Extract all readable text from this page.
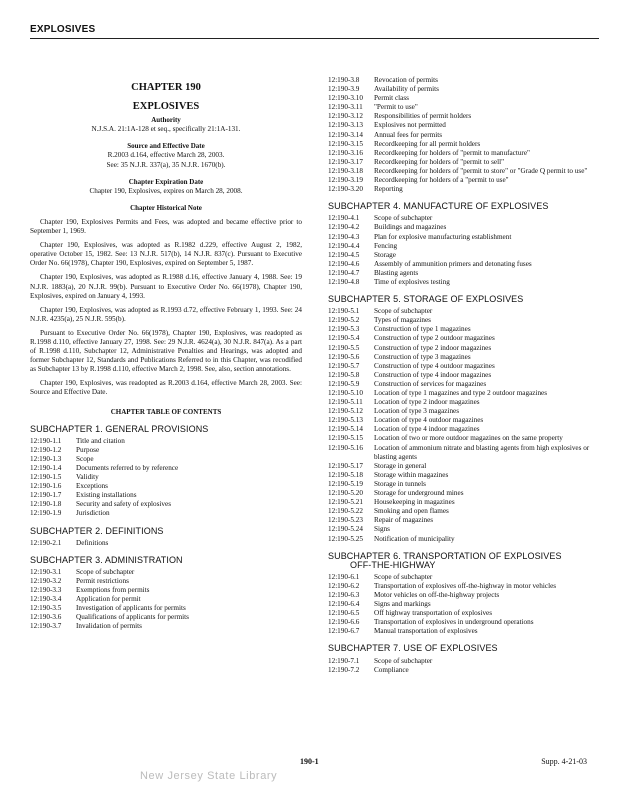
EXPLOSIVES
CHAPTER 190
EXPLOSIVES
Authority
N.J.S.A. 21:1A-128 et seq., specifically 21:1A-131.
Source and Effective Date
R.2003 d.164, effective March 28, 2003.
See: 35 N.J.R. 337(a), 35 N.J.R. 1670(b).
Chapter Expiration Date
Chapter 190, Explosives, expires on March 28, 2008.
Chapter Historical Note

Chapter 190, Explosives Permits and Fees, was adopted and became effective prior to September 1, 1969.

Chapter 190, Explosives, was adopted as R.1982 d.229, effective August 2, 1982, operative October 15, 1982. See: 13 N.J.R. 517(b), 14 N.J.R. 837(c). Pursuant to Executive Order No. 66(1978), Chapter 190, Explosives, expired on September 5, 1987.

Chapter 190, Explosives, was adopted as R.1988 d.16, effective January 4, 1988. See: 19 N.J.R. 1883(a), 20 N.J.R. 99(b). Pursuant to Executive Order No. 66(1978), Chapter 190, Explosives, expired on January 4, 1993.

Chapter 190, Explosives, was adopted as R.1993 d.72, effective February 1, 1993. See: 24 N.J.R. 4235(a), 25 N.J.R. 595(b).

Pursuant to Executive Order No. 66(1978), Chapter 190, Explosives, was readopted as R.1998 d.110, effective January 27, 1998. See: 29 N.J.R. 4624(a), 30 N.J.R. 847(a). As a part of R.1998 d.110, Subchapter 12, Administrative Penalties and Hearings, was adopted and former Subchapter 12, Standards and Publications Referred to in this Chapter, was recodified as Subchapter 13 by R.1998 d.110, effective March 2, 1998. See, also, section annotations.

Chapter 190, Explosives, was readopted as R.2003 d.164, effective March 28, 2003. See: Source and Effective Date.

CHAPTER TABLE OF CONTENTS
SUBCHAPTER 1. GENERAL PROVISIONS
12:190-1.1	Title and citation
12:190-1.2	Purpose
12:190-1.3	Scope
12:190-1.4	Documents referred to by reference
12:190-1.5	Validity
12:190-1.6	Exceptions
12:190-1.7	Existing installations
12:190-1.8	Security and safety of explosives
12:190-1.9	Jurisdiction
SUBCHAPTER 2. DEFINITIONS
12:190-2.1	Definitions
SUBCHAPTER 3. ADMINISTRATION
12:190-3.1	Scope of subchapter
12:190-3.2	Permit restrictions
12:190-3.3	Exemptions from permits
12:190-3.4	Application for permit
12:190-3.5	Investigation of applicants for permits
12:190-3.6	Qualifications of applicants for permits
12:190-3.7	Invalidation of permits
12:190-3.8	Revocation of permits
12:190-3.9	Availability of permits
12:190-3.10	Permit class
12:190-3.11	"Permit to use"
12:190-3.12	Responsibilities of permit holders
12:190-3.13	Explosives not permitted
12:190-3.14	Annual fees for permits
12:190-3.15	Recordkeeping for all permit holders
12:190-3.16	Recordkeeping for holders of "permit to manufacture"
12:190-3.17	Recordkeeping for holders of "permit to sell"
12:190-3.18	Recordkeeping for holders of "permit to store" or "Grade Q permit to use"
12:190-3.19	Recordkeeping for holders of a "permit to use"
12:190-3.20	Reporting
SUBCHAPTER 4. MANUFACTURE OF EXPLOSIVES
12:190-4.1	Scope of subchapter
12:190-4.2	Buildings and magazines
12:190-4.3	Plan for explosive manufacturing establishment
12:190-4.4	Fencing
12:190-4.5	Storage
12:190-4.6	Assembly of ammunition primers and detonating fuses
12:190-4.7	Blasting agents
12:190-4.8	Time of explosives testing
SUBCHAPTER 5. STORAGE OF EXPLOSIVES
12:190-5.1	Scope of subchapter
12:190-5.2	Types of magazines
12:190-5.3	Construction of type 1 magazines
12:190-5.4	Construction of type 2 outdoor magazines
12:190-5.5	Construction of type 2 indoor magazines
12:190-5.6	Construction of type 3 magazines
12:190-5.7	Construction of type 4 outdoor magazines
12:190-5.8	Construction of type 4 indoor magazines
12:190-5.9	Construction of services for magazines
12:190-5.10	Location of type 1 magazines and type 2 outdoor magazines
12:190-5.11	Location of type 2 indoor magazines
12:190-5.12	Location of type 3 magazines
12:190-5.13	Location of type 4 outdoor magazines
12:190-5.14	Location of type 4 indoor magazines
12:190-5.15	Location of two or more outdoor magazines on the same property
12:190-5.16	Location of ammonium nitrate and blasting agents from high explosives or blasting agents
12:190-5.17	Storage in general
12:190-5.18	Storage within magazines
12:190-5.19	Storage in tunnels
12:190-5.20	Storage for underground mines
12:190-5.21	Housekeeping in magazines
12:190-5.22	Smoking and open flames
12:190-5.23	Repair of magazines
12:190-5.24	Signs
12:190-5.25	Notification of municipality
SUBCHAPTER 6. TRANSPORTATION OF EXPLOSIVES
OFF-THE-HIGHWAY
12:190-6.1	Scope of subchapter
12:190-6.2	Transportation of explosives off-the-highway in motor vehicles
12:190-6.3	Motor vehicles on off-the-highway projects
12:190-6.4	Signs and markings
12:190-6.5	Off highway transportation of explosives
12:190-6.6	Transportation of explosives in underground operations
12:190-6.7	Manual transportation of explosives
SUBCHAPTER 7. USE OF EXPLOSIVES
12:190-7.1	Scope of subchapter
12:190-7.2	Compliance
190-1	Supp. 4-21-03
New Jersey State Library
